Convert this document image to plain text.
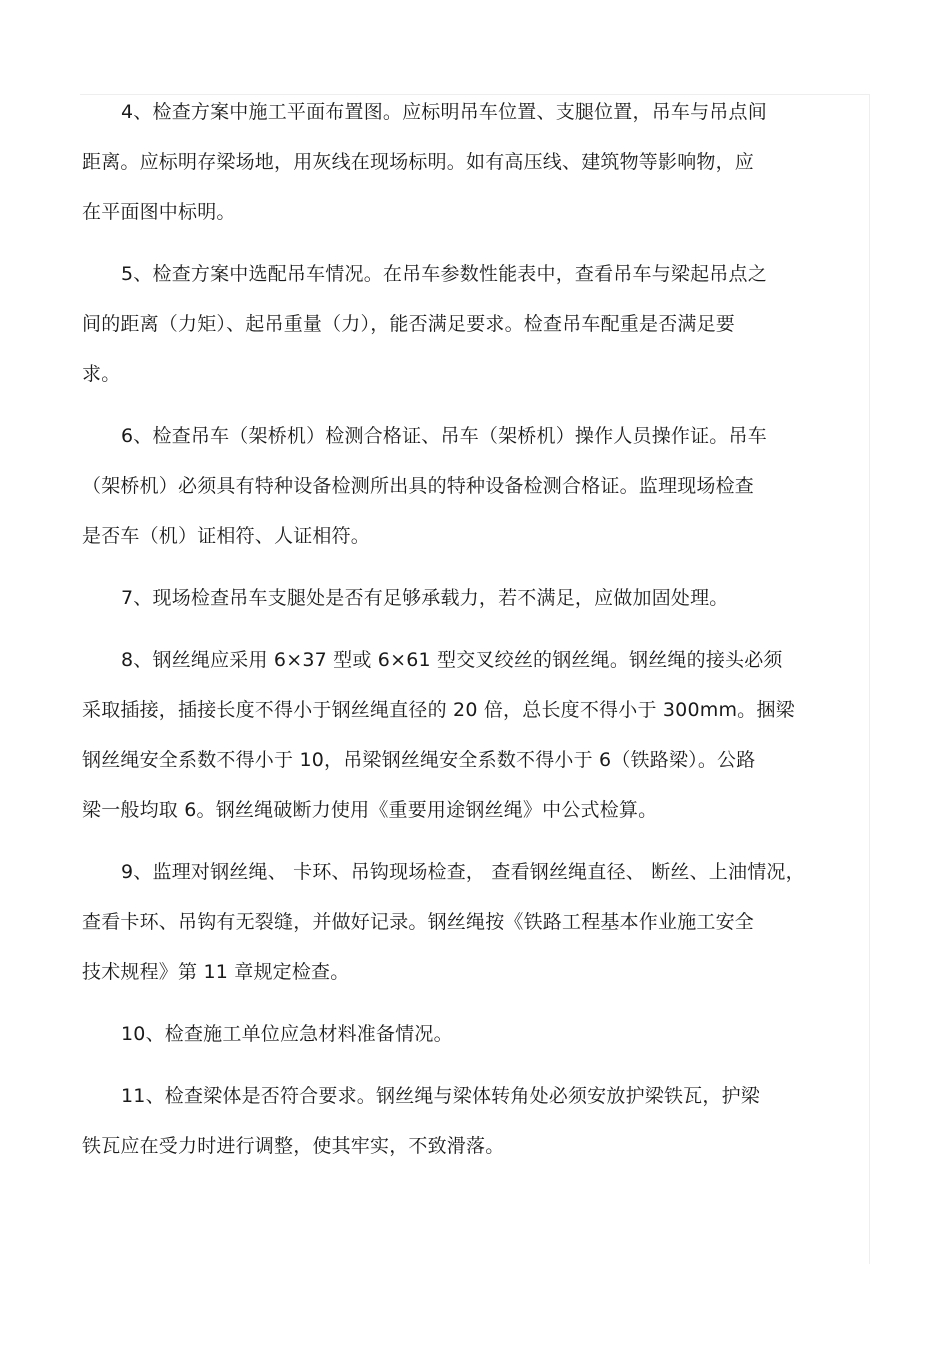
4、检查方案中施工平面布置图。应标明吊车位置、支腿位置，吊车与吊点间
距离。应标明存梁场地，用灰线在现场标明。如有高压线、建筑物等影响物，应
在平面图中标明。
5、检查方案中选配吊车情况。在吊车参数性能表中，查看吊车与梁起吊点之
间的距离（力矩）、起吊重量（力），能否满足要求。检查吊车配重是否满足要
求。
6、检查吊车（架桥机）检测合格证、吊车（架桥机）操作人员操作证。吊车
（架桥机）必须具有特种设备检测所出具的特种设备检测合格证。监理现场检查
是否车（机）证相符、人证相符。
7、现场检查吊车支腿处是否有足够承载力，若不满足，应做加固处理。
8、钢丝绳应采用 6×37 型或 6×61 型交叉绞丝的钢丝绳。钢丝绳的接头必须
采取插接，插接长度不得小于钢丝绳直径的 20 倍，总长度不得小于 300mm。捆梁
钢丝绳安全系数不得小于 10，吊梁钢丝绳安全系数不得小于 6（铁路梁）。公路
梁一般均取 6。钢丝绳破断力使用《重要用途钢丝绳》中公式检算。
9、监理对钢丝绳、 卡环、吊钩现场检查， 查看钢丝绳直径、 断丝、上油情况，
查看卡环、吊钩有无裂缝，并做好记录。钢丝绳按《铁路工程基本作业施工安全
技术规程》第 11 章规定检查。
10、检查施工单位应急材料准备情况。
11、检查梁体是否符合要求。钢丝绳与梁体转角处必须安放护梁铁瓦，护梁
铁瓦应在受力时进行调整，使其牢实，不致滑落。
